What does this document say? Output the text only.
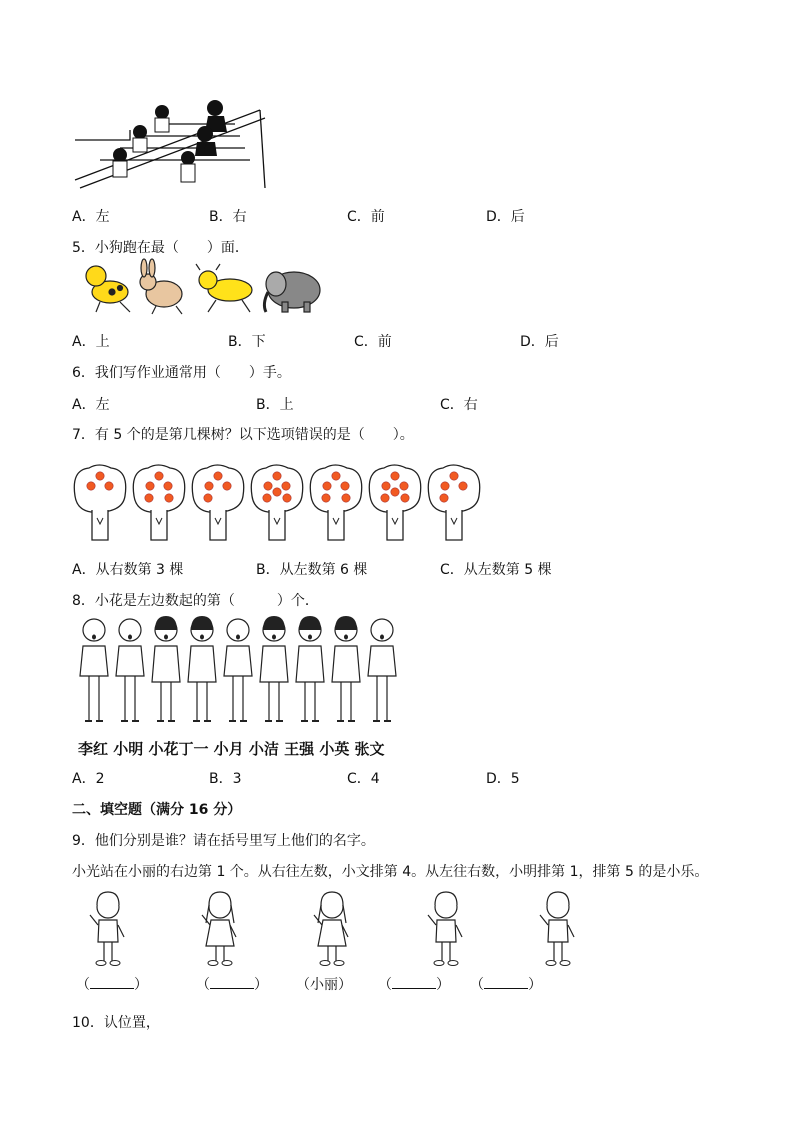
A．左	B．右	C．前	D．后
5．小狗跑在最（　　）面．
A．上	B．下	C．前	D．后
6．我们写作业通常用（　　）手。
A．左	B．上	C．右
7．有 5 个的是第几棵树？以下选项错误的是（　　）。
A．从右数第 3 棵	B．从左数第 6 棵	C．从左数第 5 棵
8．小花是左边数起的第（　　　）个．
李红 小明 小花丁一 小月 小洁 王强 小英 张文
A．2	B．3	C．4	D．5
二、填空题（满分 16 分）
9．他们分别是谁？请在括号里写上他们的名字。
小光站在小丽的右边第 1 个。从右往左数，小文排第 4。从左往右数，小明排第 1，排第 5 的是小乐。
（	）	（	） （小丽） （	） （	）
10．认位置，
